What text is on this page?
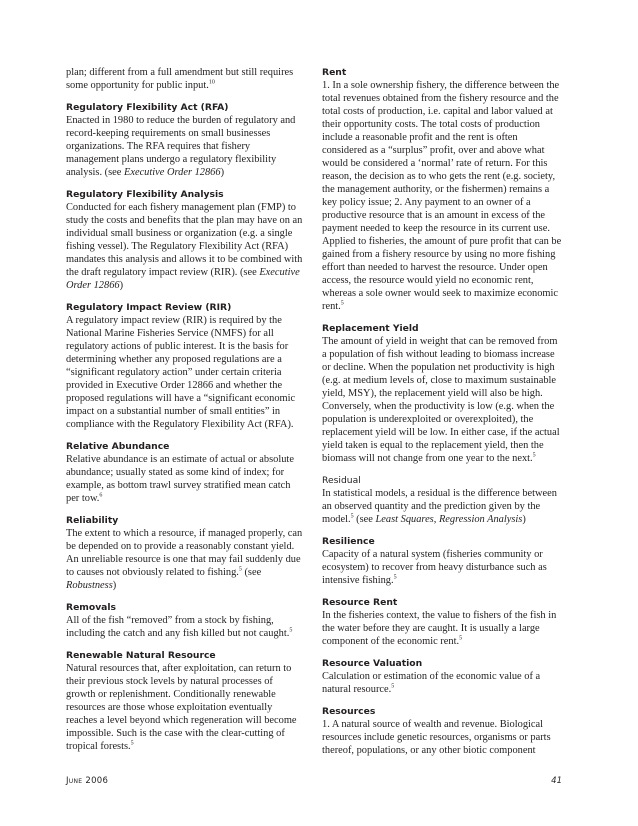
plan; different from a full amendment but still requires some opportunity for public input.$^{10}$

Regulatory Flexibility Act (RFA)

Enacted in 1980 to reduce the burden of regulatory and record-keeping requirements on small businesses organizations. The RFA requires that fishery management plans undergo a regulatory flexibility analysis. (see Executive Order 12866)

Regulatory Flexibility Analysis

Conducted for each fishery management plan (FMP) to study the costs and benefits that the plan may have on an individual small business or organization (e.g. a single fishing vessel). The Regulatory Flexibility Act (RFA) mandates this analysis and allows it to be combined with the draft regulatory impact review (RIR). (see Executive Order 12866)

Regulatory Impact Review (RIR)

A regulatory impact review (RIR) is required by the National Marine Fisheries Service (NMFS) for all regulatory actions of public interest. It is the basis for determining whether any proposed regulations are a “significant regulatory action” under certain criteria provided in Executive Order 12866 and whether the proposed regulations will have a “significant economic impact on a substantial number of small entities” in compliance with the Regulatory Flexibility Act (RFA).

Relative Abundance

Relative abundance is an estimate of actual or absolute abundance; usually stated as some kind of index; for example, as bottom trawl survey stratified mean catch per tow.$^6$

Reliability

The extent to which a resource, if managed properly, can be depended on to provide a reasonably constant yield. An unreliable resource is one that may fail suddenly due to causes not obviously related to fishing.$^5$ (see Robustness)

Removals

All of the fish “removed” from a stock by fishing, including the catch and any fish killed but not caught.$^5$

Renewable Natural Resource

Natural resources that, after exploitation, can return to their previous stock levels by natural processes of growth or replenishment. Conditionally renewable resources are those whose exploitation eventually reaches a level beyond which regeneration will become impossible. Such is the case with the clear-cutting of tropical forests.$^5$

Rent

1. In a sole ownership fishery, the difference between the total revenues obtained from the fishery resource and the total costs of production, i.e. capital and labor valued at their opportunity costs. The total costs of production include a reasonable profit and the rent is often considered as a “surplus” profit, over and above what would be considered a ‘normal’ rate of return. For this reason, the decision as to who gets the rent (e.g. society, the management authority, or the fishermen) remains a key policy issue; 2. Any payment to an owner of a productive resource that is an amount in excess of the payment needed to keep the resource in its current use. Applied to fisheries, the amount of pure profit that can be gained from a fishery resource by using no more fishing effort than needed to harvest the resource. Under open access, the resource would yield no economic rent, whereas a sole owner would seek to maximize economic rent.$^5$

Replacement Yield

The amount of yield in weight that can be removed from a population of fish without leading to biomass increase or decline. When the population net productivity is high (e.g. at medium levels of, close to maximum sustainable yield, MSY), the replacement yield will also be high. Conversely, when the productivity is low (e.g. when the population is underexploited or overexploited), the replacement yield will be low. In either case, if the actual yield taken is equal to the replacement yield, then the biomass will not change from one year to the next.$^5$

Residual

In statistical models, a residual is the difference between an observed quantity and the prediction given by the model.$^5$ (see Least Squares, Regression Analysis)

Resilience

Capacity of a natural system (fisheries community or ecosystem) to recover from heavy disturbance such as intensive fishing.$^5$

Resource Rent

In the fisheries context, the value to fishers of the fish in the water before they are caught. It is usually a large component of the economic rent.$^5$

Resource Valuation

Calculation or estimation of the economic value of a natural resource.$^5$

Resources

1. A natural source of wealth and revenue. Biological resources include genetic resources, organisms or parts thereof, populations, or any other biotic component

June 2006	41
